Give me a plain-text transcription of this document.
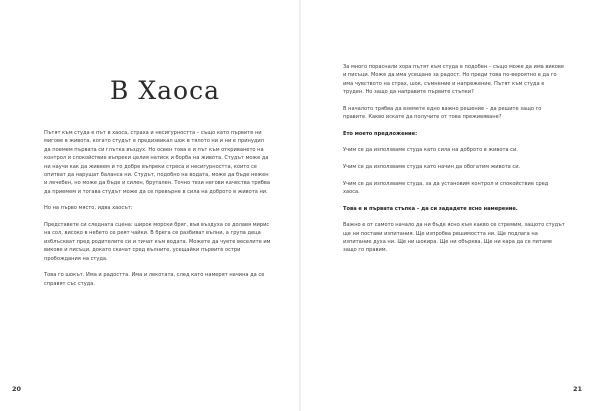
В Хаоса

Пътят към студа е път в хаоса, страха и несигурността – също като първите ни мигове в живота, когато студът е предизвикал шок в тялото ни и ни е принудил да поемем първата си глътка въздух. Но освен това е и път към откриването на контрол и спокойствие въпреки целия натиск и борба на живота. Студът може да ни научи как да живеем и то добре въпреки стреса и несигурността, които се опитват да нарушат баланса ни. Студът, подобно на водата, може да бъде нежен и лечебен, но може да бъде и силен, брутален. Точно тези негови качества трябва да приемем и тогава студът може да се превърне в сила на доброто в живота ни.

Но на първо място, идва хаосът:

Представете си следната сцена: широк морски бряг, във въздуха се долавя мирис на сол, високо в небето се реят чайки. В брега се разбиват вълни, а група деца изблъскват пред родителите си и тичат към водата. Можете да чуете веселите им викове и писъци, докато скачат сред вълните, усещайки първите остри пробождания на студа.

Това го шокът. Има и радостта. Има и лекотата, след като намерят начина да се справят със студа.

За много пораснали хора пътят към студа е подобен – също може да има викове и писъци. Може да има усещане за радост. Но преди това по-вероятно е да го има чувството на страх, шок, съмнение и напрежение. Пътят към студа е труден. Но защо да направите първите стъпки?

В началото трябва да вземете едно важно решение – да решите защо го правите. Какво искате да получите от това преживяване?

Ето моето предложение:

Учим се да използваме студа като сила на доброто в живота си.

Учим се да използваме студа като начин да обогатим живота си.

Учим се да използваме студа, за да установим контрол и спокойствие сред хаоса.

Това е и първата стъпка – да си зададете ясно намерение.

Важно е от самото начало да ни бъде ясно към какво се стремим, защото студът ще ни постави изпитания. Ще изпробва решимостта ни. Ще подлага на изпитание духа ни. Ще ни шокира. Ще ни обърква. Ще ни кара да се питаме защо го правим.

20	21
